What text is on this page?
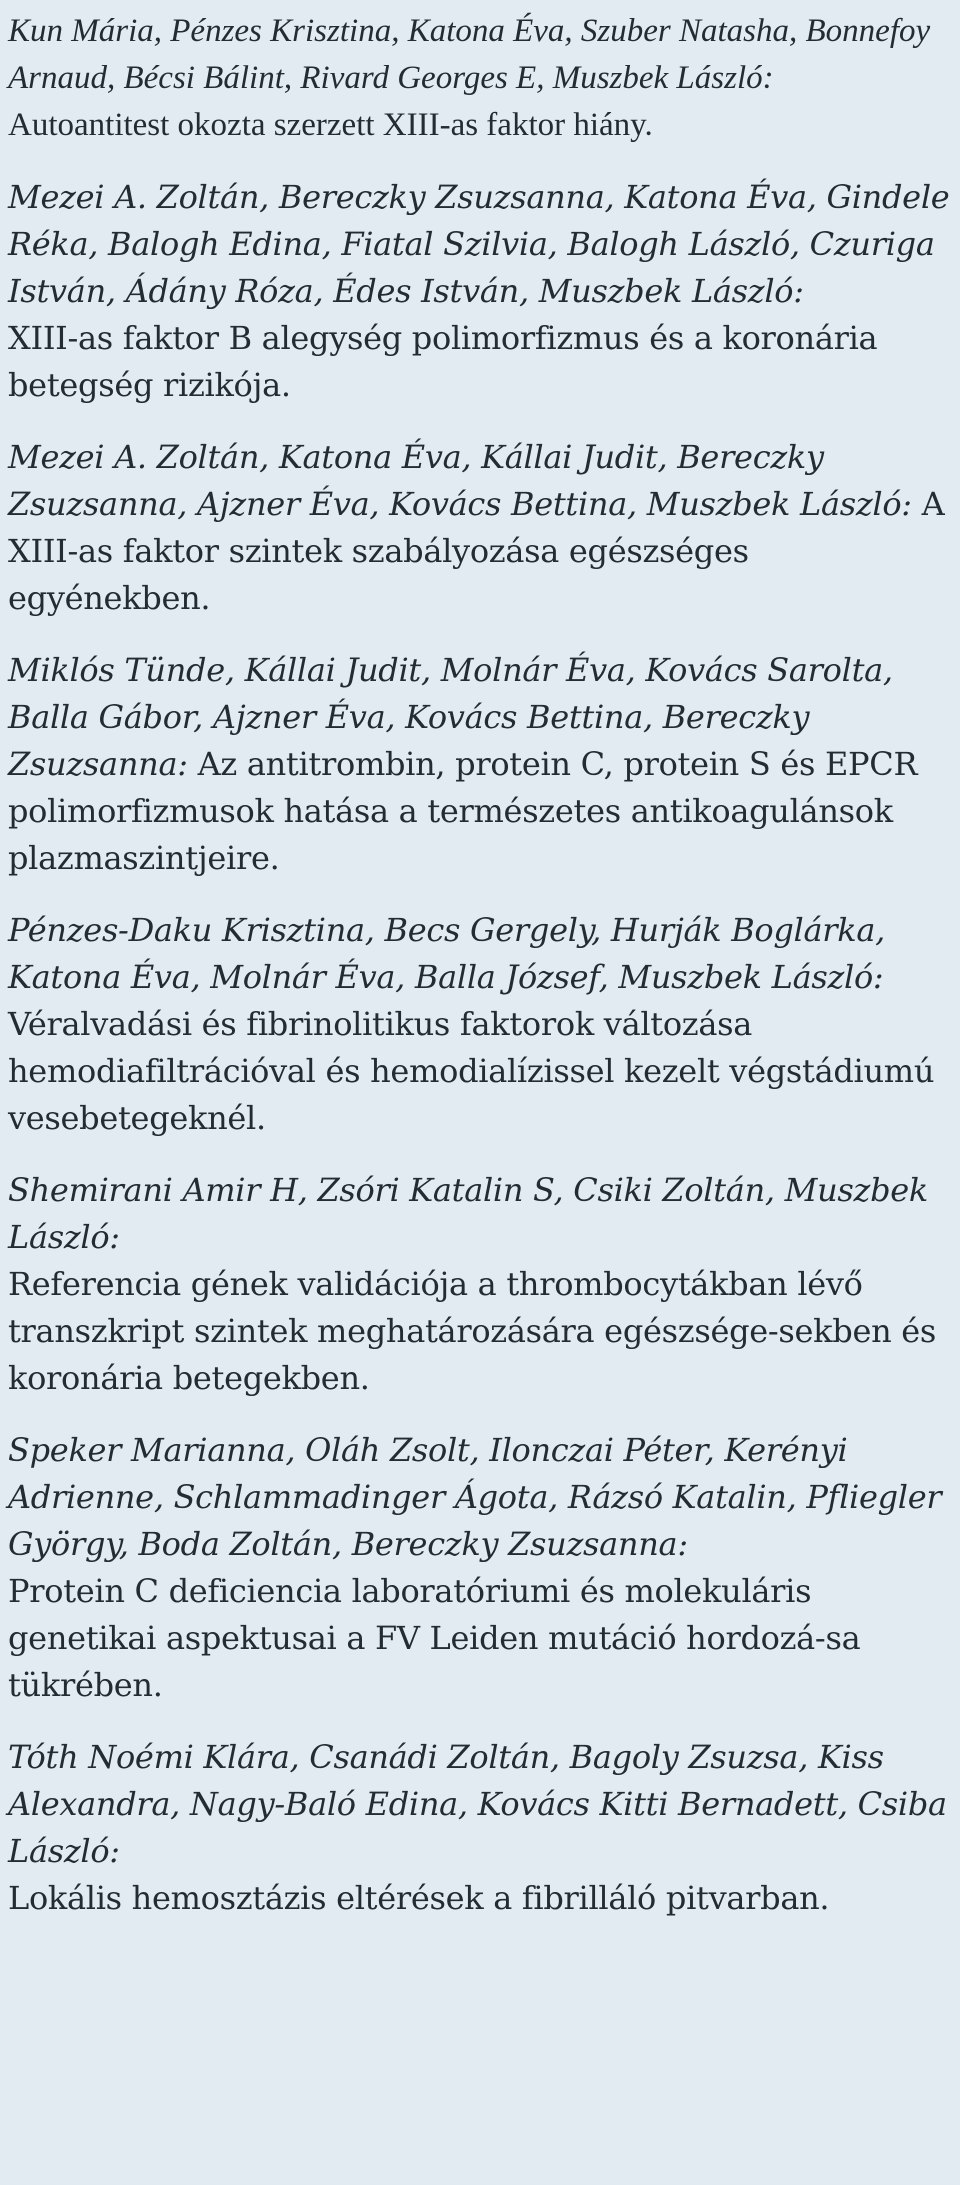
Kun Mária, Pénzes Krisztina, Katona Éva, Szuber Natasha, Bonnefoy Arnaud, Bécsi Bálint, Rivard Georges E, Muszbek László:
Autoantitest okozta szerzett XIII-as faktor hiány.
Mezei A. Zoltán, Bereczky Zsuzsanna, Katona Éva, Gindele Réka, Balogh Edina, Fiatal Szilvia, Balogh László, Czuriga István, Ádány Róza, Édes István, Muszbek László:
XIII-as faktor B alegység polimorfizmus és a koronária betegség rizikója.
Mezei A. Zoltán, Katona Éva, Kállai Judit, Bereczky Zsuzsanna, Ajzner Éva, Kovács Bettina, Muszbek László: A XIII-as faktor szintek szabályozása egészséges egyénekben.
Miklós Tünde, Kállai Judit, Molnár Éva, Kovács Sarolta, Balla Gábor, Ajzner Éva, Kovács Bettina, Bereczky Zsuzsanna: Az antitrombin, protein C, protein S és EPCR polimorfizmusok hatása a természetes antikoagulánsok plazmaszintjeire.
Pénzes-Daku Krisztina, Becs Gergely, Hurják Boglárka, Katona Éva, Molnár Éva, Balla József, Muszbek László:
Véralvadási és fibrinolitikus faktorok változása hemodiafiltrációval és hemodialízissel kezelt végstádiumú vesebetegeknél.
Shemirani Amir H, Zsóri Katalin S, Csiki Zoltán, Muszbek László:
Referencia gének validációja a thrombocytákban lévő transzkript szintek meghatározására egészsége-sekben és koronária betegekben.
Speker Marianna, Oláh Zsolt, Ilonczai Péter, Kerényi Adrienne, Schlammadinger Ágota, Rázsó Katalin, Pfliegler György, Boda Zoltán, Bereczky Zsuzsanna:
Protein C deficiencia laboratóriumi és molekuláris genetikai aspektusai a FV Leiden mutáció hordozá-sa tükrében.
Tóth Noémi Klára, Csanádi Zoltán, Bagoly Zsuzsa, Kiss Alexandra, Nagy-Baló Edina, Kovács Kitti Bernadett, Csiba László:
Lokális hemosztázis eltérések a fibrilláló pitvarban.
